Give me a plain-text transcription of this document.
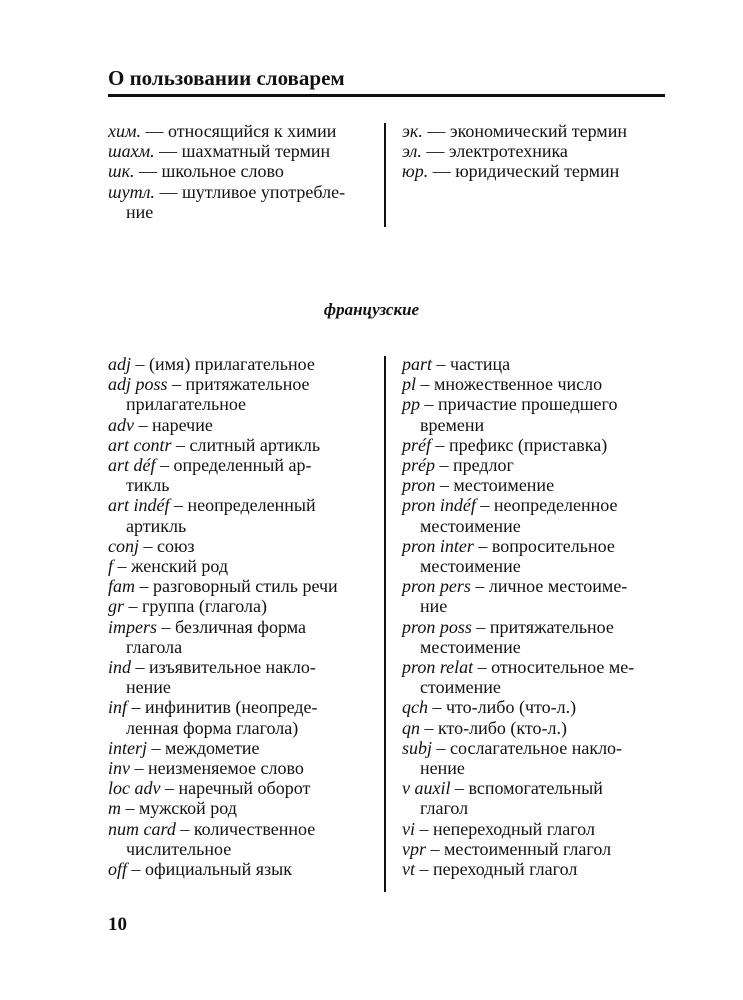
О пользовании словарем
хим. — относящийся к химии
шахм. — шахматный термин
шк. — школьное слово
шутл. — шутливое употребле-
ние
эк. — экономический термин
эл. — электротехника
юр. — юридический термин
французские
adj – (имя) прилагательное
adj poss – притяжательное
прилагательное
adv – наречие
art contr – слитный артикль
art déf – определенный ар-
тикль
art indéf – неопределенный
артикль
conj – союз
f – женский род
fam – разговорный стиль речи
gr – группа (глагола)
impers – безличная форма
глагола
ind – изъявительное накло-
нение
inf – инфинитив (неопреде-
ленная форма глагола)
interj – междометие
inv – неизменяемое слово
loc adv – наречный оборот
m – мужской род
num card – количественное
числительное
off – официальный язык
part – частица
pl – множественное число
pp – причастие прошедшего
времени
préf – префикс (приставка)
prép – предлог
pron – местоимение
pron indéf – неопределенное
местоимение
pron inter – вопросительное
местоимение
pron pers – личное местоиме-
ние
pron poss – притяжательное
местоимение
pron relat – относительное ме-
стоимение
qch – что-либо (что-л.)
qn – кто-либо (кто-л.)
subj – сослагательное накло-
нение
v auxil – вспомогательный
глагол
vi – непереходный глагол
vpr – местоименный глагол
vt – переходный глагол
10
